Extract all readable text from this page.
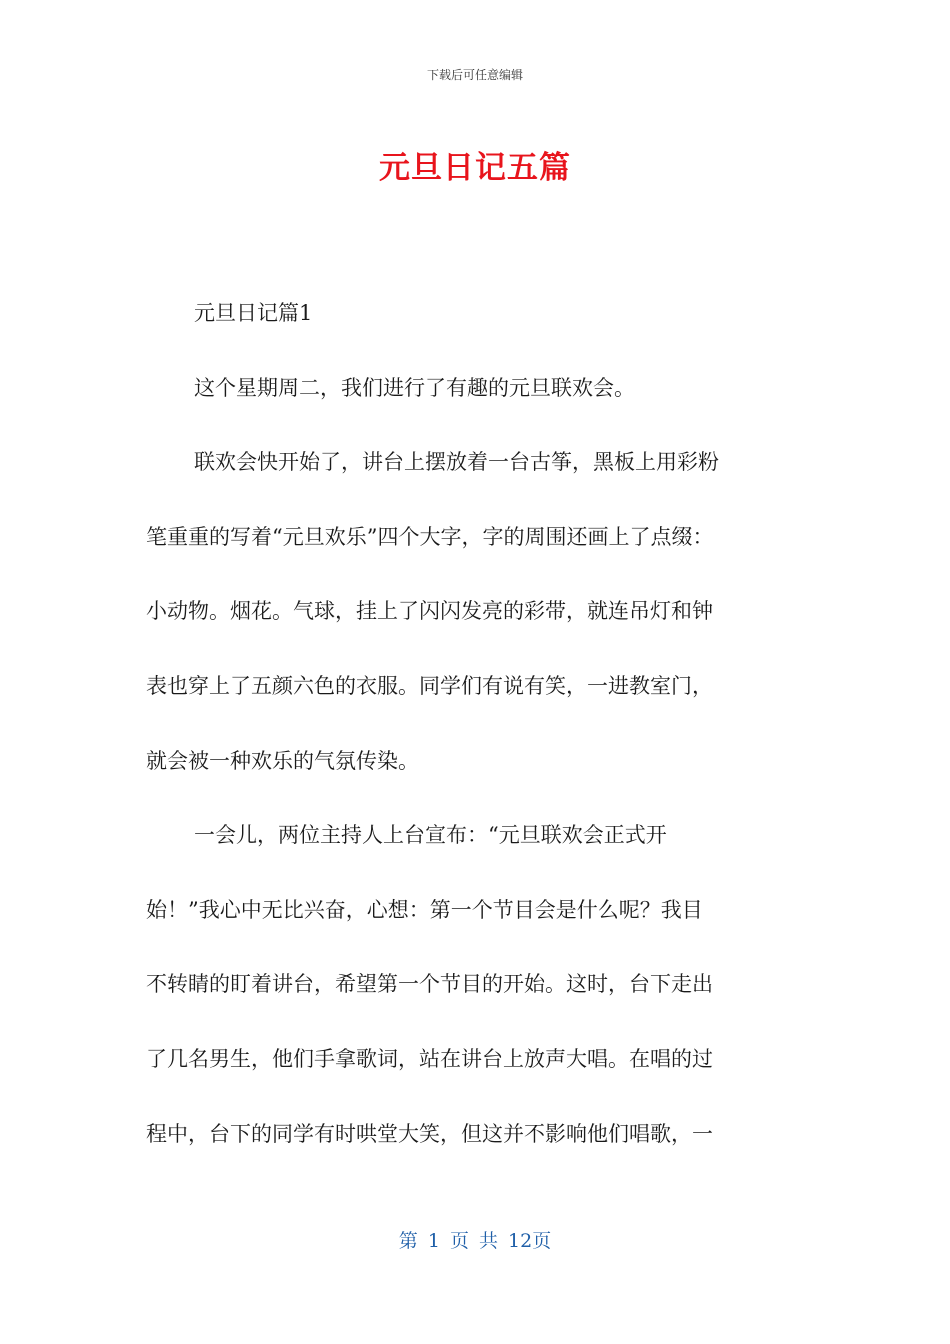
下载后可任意编辑
元旦日记五篇

元旦日记篇1

这个星期周二，我们进行了有趣的元旦联欢会。

联欢会快开始了，讲台上摆放着一台古筝，黑板上用彩粉

笔重重的写着“元旦欢乐”四个大字，字的周围还画上了点缀：

小动物。烟花。气球，挂上了闪闪发亮的彩带，就连吊灯和钟

表也穿上了五颜六色的衣服。同学们有说有笑，一进教室门，

就会被一种欢乐的气氛传染。

一会儿，两位主持人上台宣布：“元旦联欢会正式开

始！”我心中无比兴奋，心想：第一个节目会是什么呢？我目

不转睛的盯着讲台，希望第一个节目的开始。这时，台下走出

了几名男生，他们手拿歌词，站在讲台上放声大唱。在唱的过

程中，台下的同学有时哄堂大笑，但这并不影响他们唱歌，一

第 1 页 共 12页
